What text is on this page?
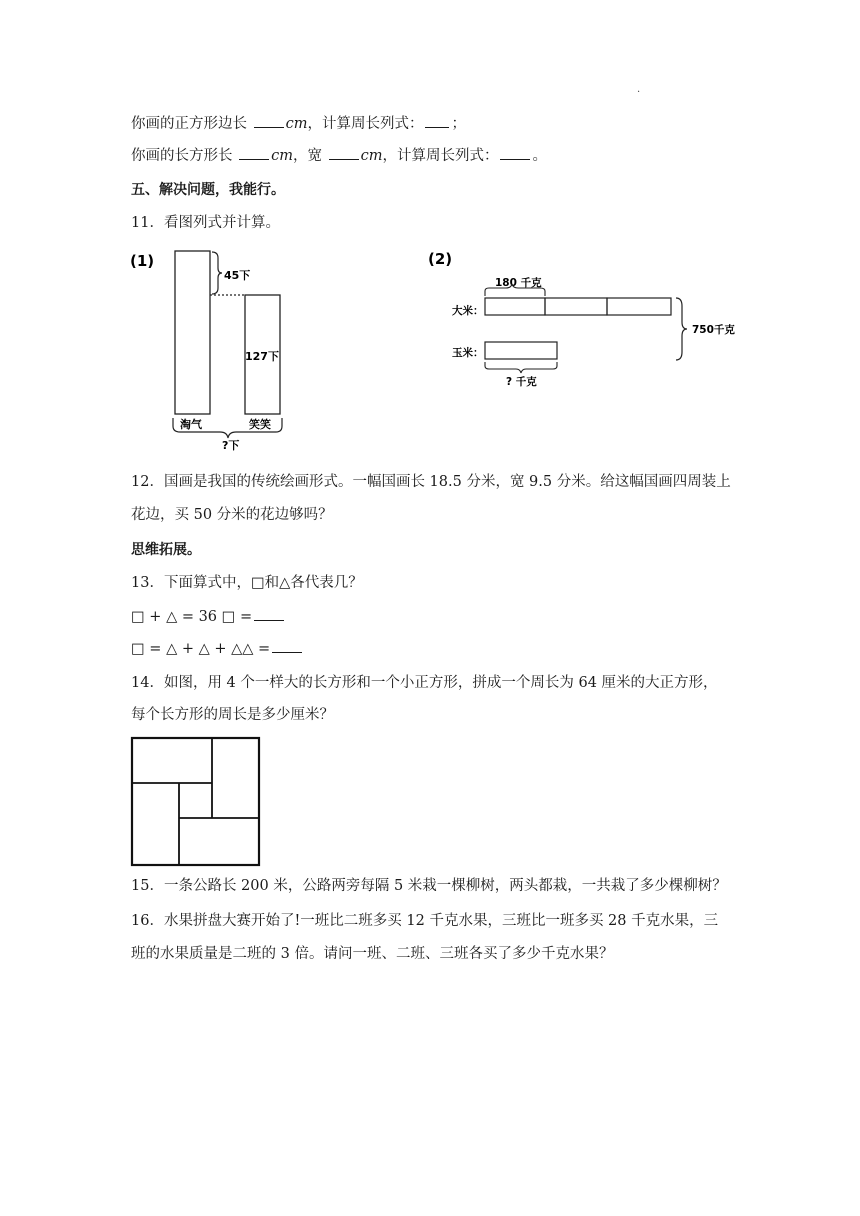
.
你画的正方形边长	cm，计算周长列式： ；
你画的长方形长	cm，宽	cm，计算周长列式： 。
五、解决问题，我能行。
11．看图列式并计算。
(1)
45下
127下
淘气	笑笑
?下
(2)
180 千克
大米：
玉米：
750千克
? 千克
12．国画是我国的传统绘画形式。一幅国画长 18.5 分米，宽 9.5 分米。给这幅国画四周装上
花边，买 50 分米的花边够吗？
思维拓展。
13．下面算式中，□和△各代表几？
□ + △ = 36 □ =
□ = △ + △ + △△ =
14．如图，用 4 个一样大的长方形和一个小正方形，拼成一个周长为 64 厘米的大正方形，
每个长方形的周长是多少厘米？
15．一条公路长 200 米，公路两旁每隔 5 米栽一棵柳树，两头都栽，一共栽了多少棵柳树？
16．水果拼盘大赛开始了!一班比二班多买 12 千克水果，三班比一班多买 28 千克水果，三
班的水果质量是二班的 3 倍。请问一班、二班、三班各买了多少千克水果？
